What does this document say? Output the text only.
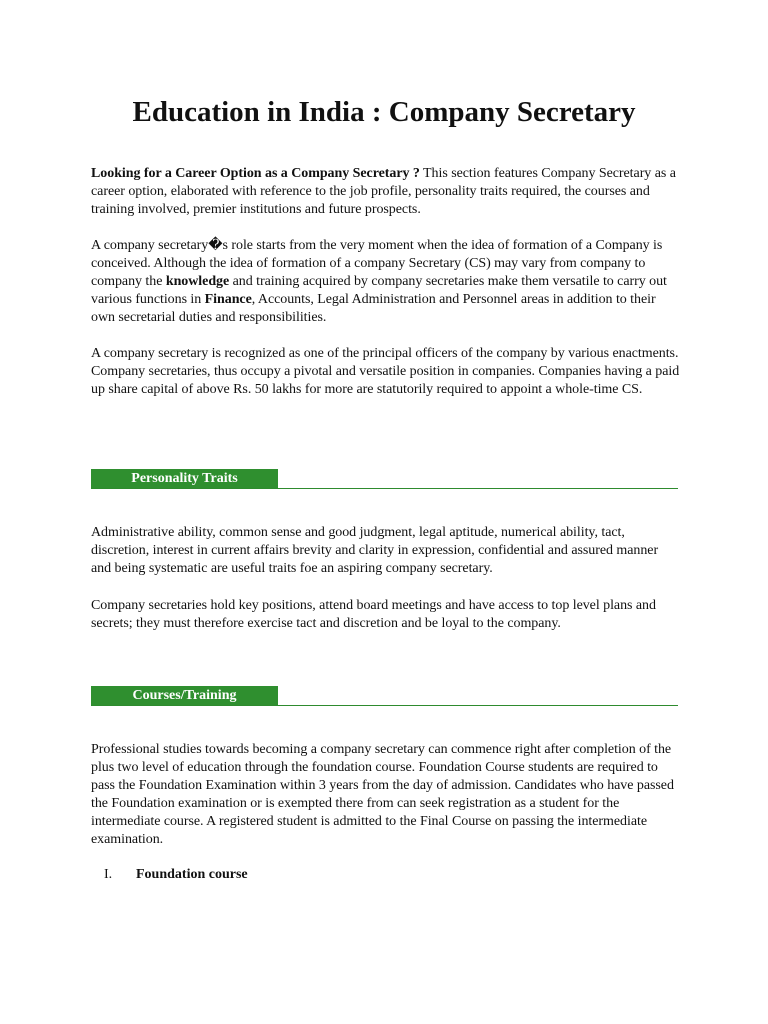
Education in India : Company Secretary

Looking for a Career Option as a Company Secretary ? This section features Company Secretary as a career option, elaborated with reference to the job profile, personality traits required, the courses and training involved, premier institutions and future prospects.

A company secretary�s role starts from the very moment when the idea of formation of a Company is conceived. Although the idea of formation of a company Secretary (CS) may vary from company to company the knowledge and training acquired by company secretaries make them versatile to carry out various functions in Finance, Accounts, Legal Administration and Personnel areas in addition to their own secretarial duties and responsibilities.

A company secretary is recognized as one of the principal officers of the company by various enactments. Company secretaries, thus occupy a pivotal and versatile position in companies. Companies having a paid up share capital of above Rs. 50 lakhs for more are statutorily required to appoint a whole-time CS.

Personality Traits

Administrative ability, common sense and good judgment, legal aptitude, numerical ability, tact, discretion, interest in current affairs brevity and clarity in expression, confidential and assured manner and being systematic are useful traits foe an aspiring company secretary.

Company secretaries hold key positions, attend board meetings and have access to top level plans and secrets; they must therefore exercise tact and discretion and be loyal to the company.

Courses/Training

Professional studies towards becoming a company secretary can commence right after completion of the plus two level of education through the foundation course. Foundation Course students are required to pass the Foundation Examination within 3 years from the day of admission. Candidates who have passed the Foundation examination or is exempted there from can seek registration as a student for the intermediate course. A registered student is admitted to the Final Course on passing the intermediate examination.

I. Foundation course
